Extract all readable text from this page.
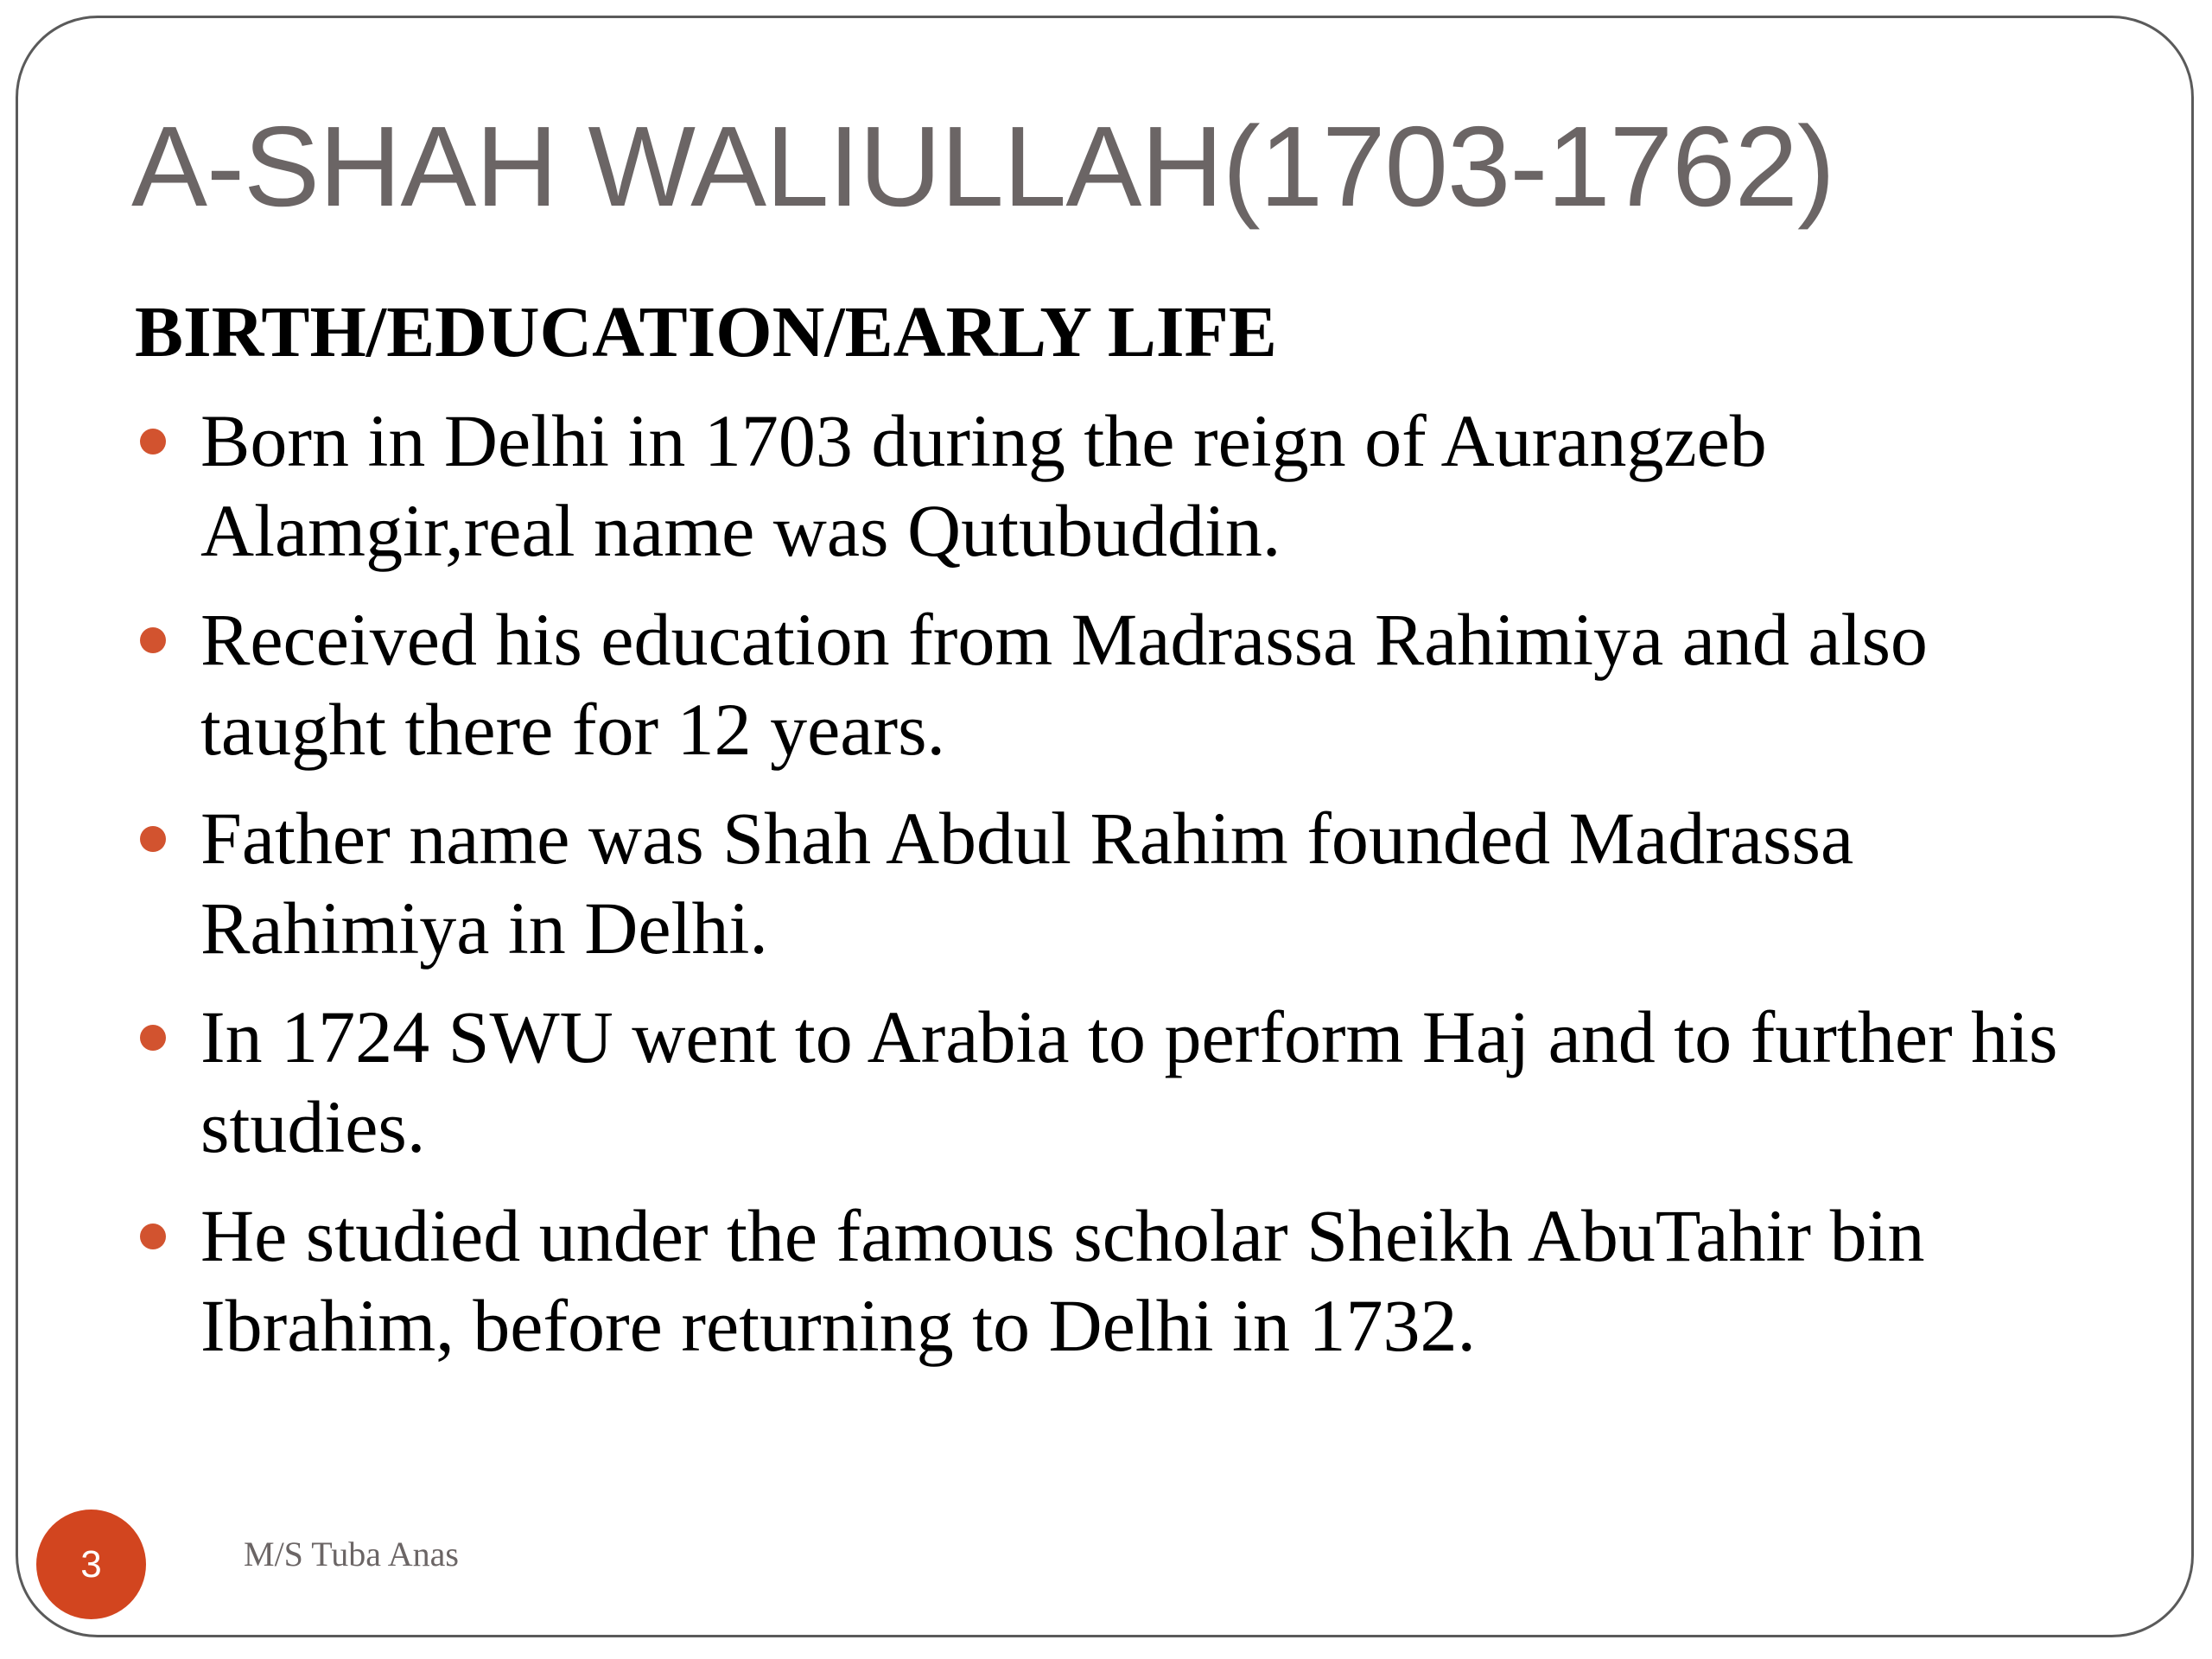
A-SHAH WALIULLAH(1703-1762)
BIRTH/EDUCATION/EARLY LIFE
Born in Delhi in 1703 during the reign of Aurangzeb Alamgir,real name was Qutubuddin.
Received his education from Madrassa Rahimiya and also taught there for 12 years.
Father name was Shah Abdul Rahim founded Madrassa Rahimiya in Delhi.
In 1724 SWU went to Arabia to perform Haj and to further his studies.
He studied under the famous scholar Sheikh AbuTahir bin Ibrahim, before returning to Delhi in 1732.
3	M/S Tuba Anas
